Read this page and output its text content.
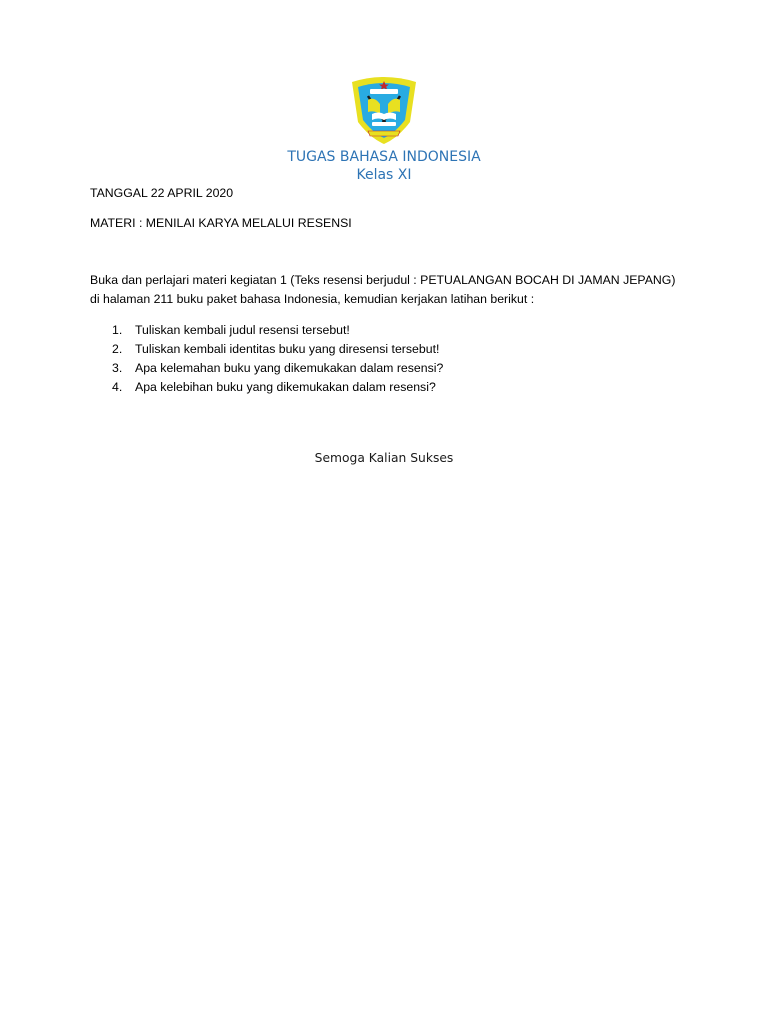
TUGAS BAHASA INDONESIA

Kelas XI

TANGGAL 22 APRIL 2020

MATERI : MENILAI KARYA MELALUI RESENSI

Buka dan perlajari materi kegiatan 1 (Teks resensi berjudul : PETUALANGAN BOCAH DI JAMAN JEPANG)

di halaman 211 buku paket bahasa Indonesia, kemudian kerjakan latihan berikut :

1. Tuliskan kembali judul resensi tersebut!
2. Tuliskan kembali identitas buku yang diresensi tersebut!
3. Apa kelemahan buku yang dikemukakan dalam resensi?
4. Apa kelebihan buku yang dikemukakan dalam resensi?

Semoga Kalian Sukses
